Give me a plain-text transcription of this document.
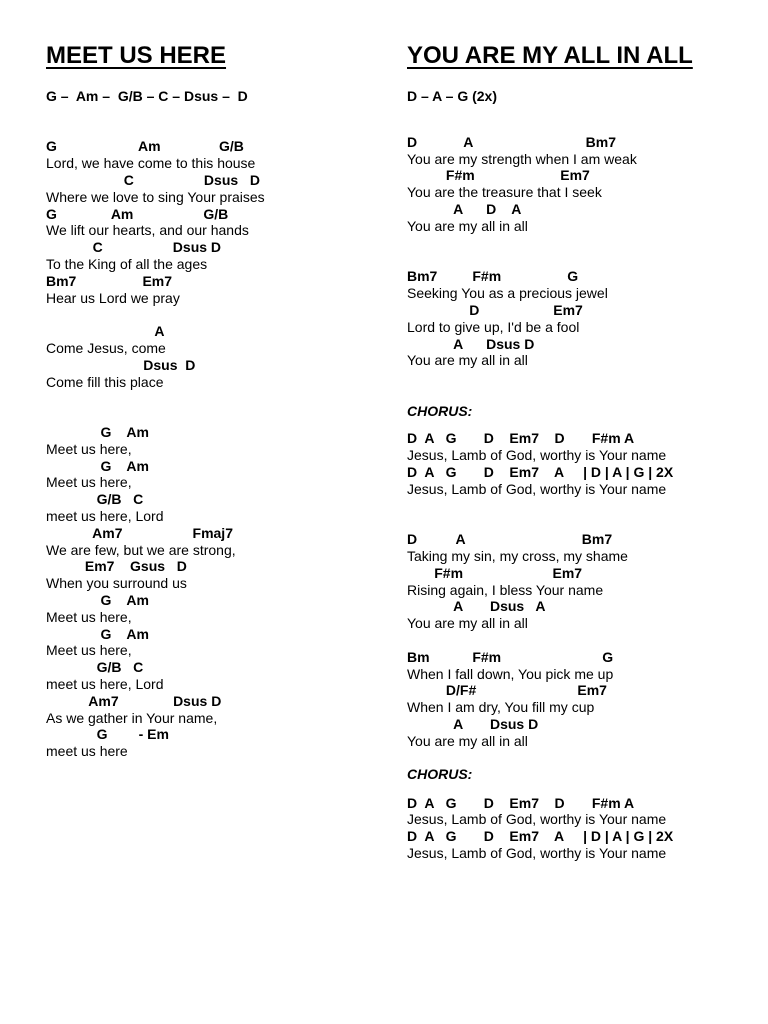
MEET US HERE

G –  Am –  G/B – C – Dsus –  D

G                     Am               G/B

Lord, we have come to this house

C                  Dsus   D

Where we love to sing Your praises

G              Am                  G/B

We lift our hearts, and our hands

C                  Dsus D

To the King of all the ages

Bm7                 Em7

Hear us Lord we pray

A

Come Jesus, come

Dsus  D

Come fill this place

G    Am

Meet us here,

G    Am

Meet us here,

G/B   C

meet us here, Lord

Am7                  Fmaj7

We are few, but we are strong,

Em7    Gsus   D

When you surround us

G    Am

Meet us here,

G    Am

Meet us here,

G/B   C

meet us here, Lord

Am7              Dsus D

As we gather in Your name,

G        - Em

meet us here

YOU ARE MY ALL IN ALL

D – A – G (2x)

D            A                             Bm7

You are my strength when I am weak

F#m                      Em7

You are the treasure that I seek

A      D    A

You are my all in all

Bm7         F#m                 G

Seeking You as a precious jewel

D                   Em7

Lord to give up, I'd be a fool

A      Dsus D

You are my all in all

CHORUS:

D  A   G       D    Em7    D       F#m A

Jesus, Lamb of God, worthy is Your name

D  A   G       D    Em7    A     | D | A | G | 2X

Jesus, Lamb of God, worthy is Your name

D          A                              Bm7

Taking my sin, my cross, my shame

F#m                       Em7

Rising again, I bless Your name

A       Dsus   A

You are my all in all

Bm           F#m                          G

When I fall down, You pick me up

D/F#                          Em7

When I am dry, You fill my cup

A       Dsus D

You are my all in all

CHORUS:

D  A   G       D    Em7    D       F#m A

Jesus, Lamb of God, worthy is Your name

D  A   G       D    Em7    A     | D | A | G | 2X

Jesus, Lamb of God, worthy is Your name
